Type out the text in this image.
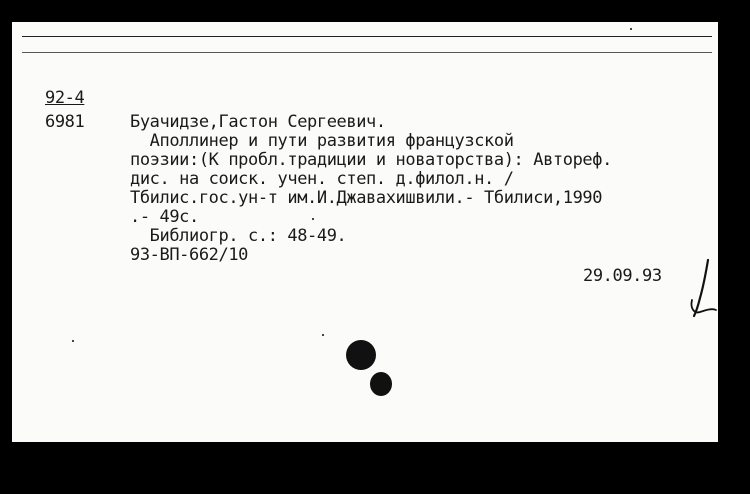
92-4
6981	Буачидзе,Гастон Сергеевич.
Аполлинер и пути развития французской
поэзии:(К пробл.традиции и новаторства): Автореф.
дис. на соиск. учен. степ. д.филол.н. /
Тбилис.гос.ун-т им.И.Джавахишвили.- Тбилиси,1990
.- 49с.
Библиогр. с.: 48-49.
93-ВП-662/10
29.09.93
